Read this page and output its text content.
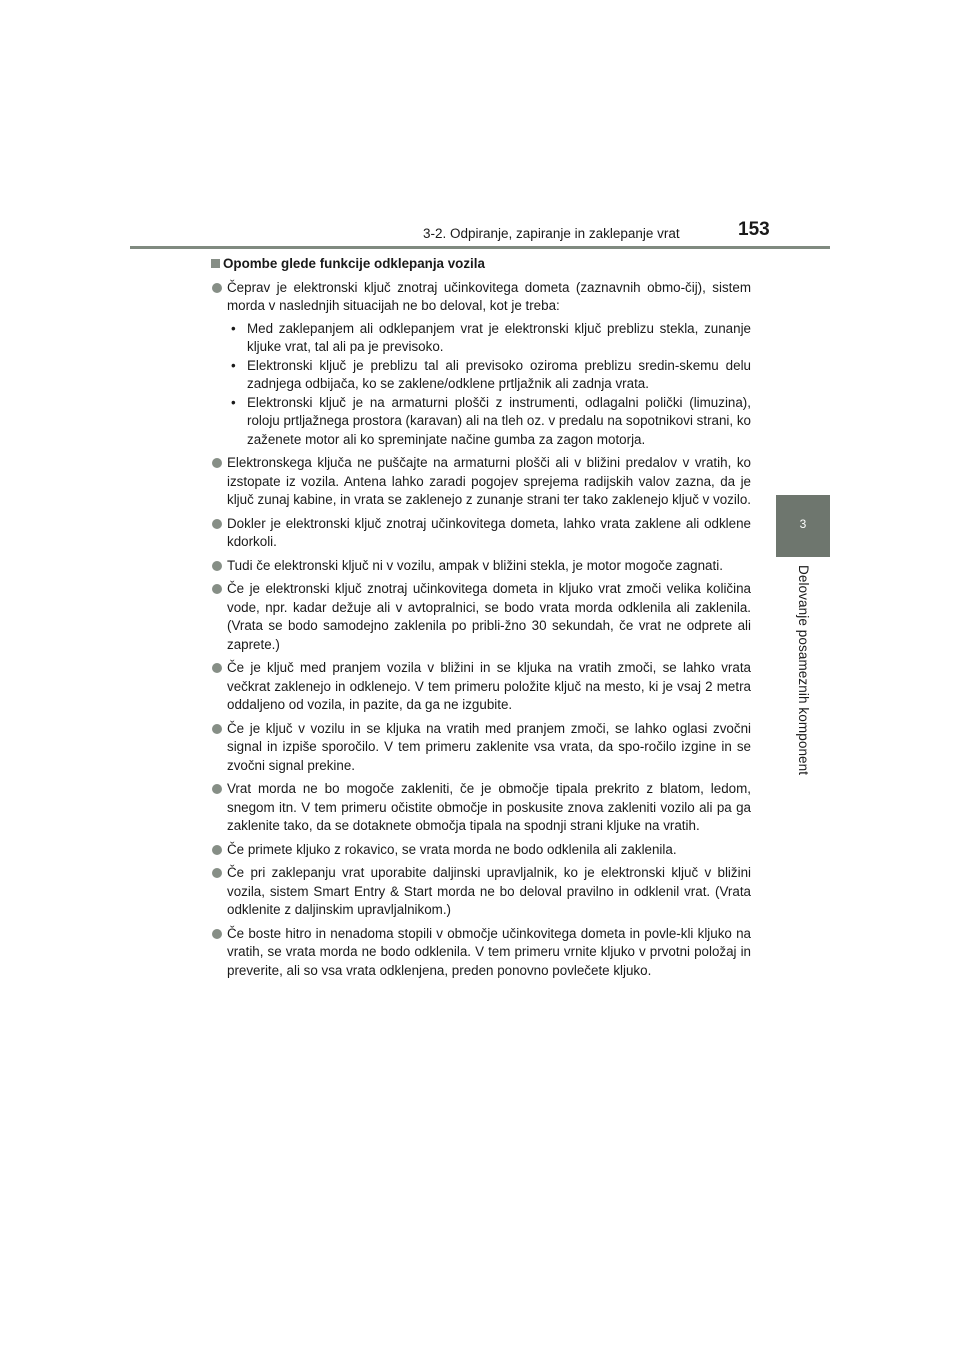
3-2. Odpiranje, zapiranje in zaklepanje vrat	153
3
Delovanje posameznih komponent
Opombe glede funkcije odklepanja vozila
Čeprav je elektronski ključ znotraj učinkovitega dometa (zaznavnih obmo-čij), sistem morda v naslednjih situacijah ne bo deloval, kot je treba:
• Med zaklepanjem ali odklepanjem vrat je elektronski ključ preblizu stekla, zunanje kljuke vrat, tal ali pa je previsoko.
• Elektronski ključ je preblizu tal ali previsoko oziroma preblizu sredin-skemu delu zadnjega odbijača, ko se zaklene/odklene prtljažnik ali zadnja vrata.
• Elektronski ključ je na armaturni plošči z instrumenti, odlagalni polički (limuzina), roloju prtljažnega prostora (karavan) ali na tleh oz. v predalu na sopotnikovi strani, ko zaženete motor ali ko spreminjate načine gumba za zagon motorja.
Elektronskega ključa ne puščajte na armaturni plošči ali v bližini predalov v vratih, ko izstopate iz vozila. Antena lahko zaradi pogojev sprejema radijskih valov zazna, da je ključ zunaj kabine, in vrata se zaklenejo z zunanje strani ter tako zaklenejo ključ v vozilo.
Dokler je elektronski ključ znotraj učinkovitega dometa, lahko vrata zaklene ali odklene kdorkoli.
Tudi če elektronski ključ ni v vozilu, ampak v bližini stekla, je motor mogoče zagnati.
Če je elektronski ključ znotraj učinkovitega dometa in kljuko vrat zmoči velika količina vode, npr. kadar dežuje ali v avtopralnici, se bodo vrata morda odklenila ali zaklenila. (Vrata se bodo samodejno zaklenila po pribli-žno 30 sekundah, če vrat ne odprete ali zaprete.)
Če je ključ med pranjem vozila v bližini in se kljuka na vratih zmoči, se lahko vrata večkrat zaklenejo in odklenejo. V tem primeru položite ključ na mesto, ki je vsaj 2 metra oddaljeno od vozila, in pazite, da ga ne izgubite.
Če je ključ v vozilu in se kljuka na vratih med pranjem zmoči, se lahko oglasi zvočni signal in izpiše sporočilo. V tem primeru zaklenite vsa vrata, da spo-ročilo izgine in se zvočni signal prekine.
Vrat morda ne bo mogoče zakleniti, če je območje tipala prekrito z blatom, ledom, snegom itn. V tem primeru očistite območje in poskusite znova zakleniti vozilo ali pa ga zaklenite tako, da se dotaknete območja tipala na spodnji strani kljuke na vratih.
Če primete kljuko z rokavico, se vrata morda ne bodo odklenila ali zaklenila.
Če pri zaklepanju vrat uporabite daljinski upravljalnik, ko je elektronski ključ v bližini vozila, sistem Smart Entry & Start morda ne bo deloval pravilno in odklenil vrat. (Vrata odklenite z daljinskim upravljalnikom.)
Če boste hitro in nenadoma stopili v območje učinkovitega dometa in povle-kli kljuko na vratih, se vrata morda ne bodo odklenila. V tem primeru vrnite kljuko v prvotni položaj in preverite, ali so vsa vrata odklenjena, preden ponovno povlečete kljuko.
